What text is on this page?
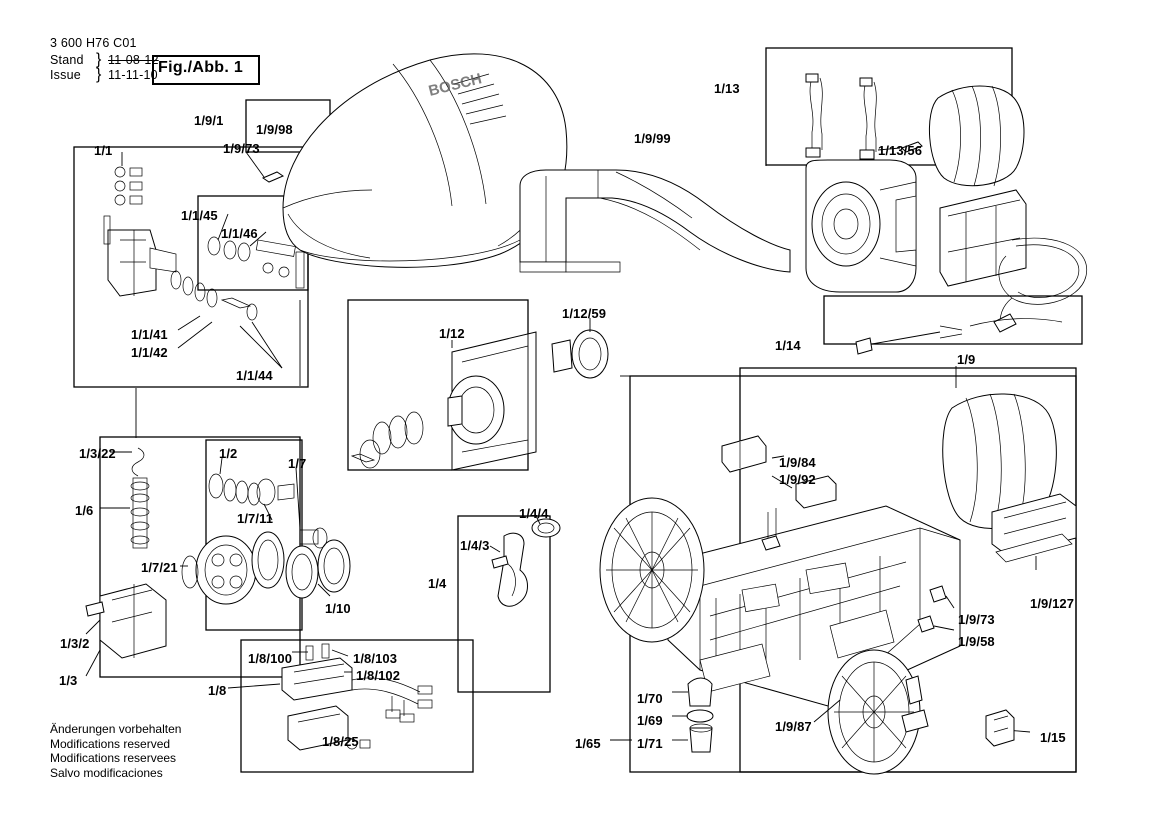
BOSCH
3 600 H76 C01
Stand
Issue
}
}
11-08-12
11-11-10 Fig./Abb. 1
Änderungen vorbehalten
Modifications reserved
Modifications reservees
Salvo modificaciones
1/9/1
1/9/98
1/9/73
1/1
1/1/45
1/1/46
1/1/41
1/1/42
1/1/44
1/9/99
1/13
1/13/56
1/14
1/9
1/12
1/12/59
1/3/22
1/6
1/2
1/7
1/7/11
1/7/21
1/10
1/3/2
1/3
1/4
1/4/3
1/4/4
1/8
1/8/100	1/8/103
1/8/102
1/8/25
1/9/84
1/9/92
1/9/127
1/9/73
1/9/58
1/70
1/69
1/71
1/65
1/9/87
1/15
